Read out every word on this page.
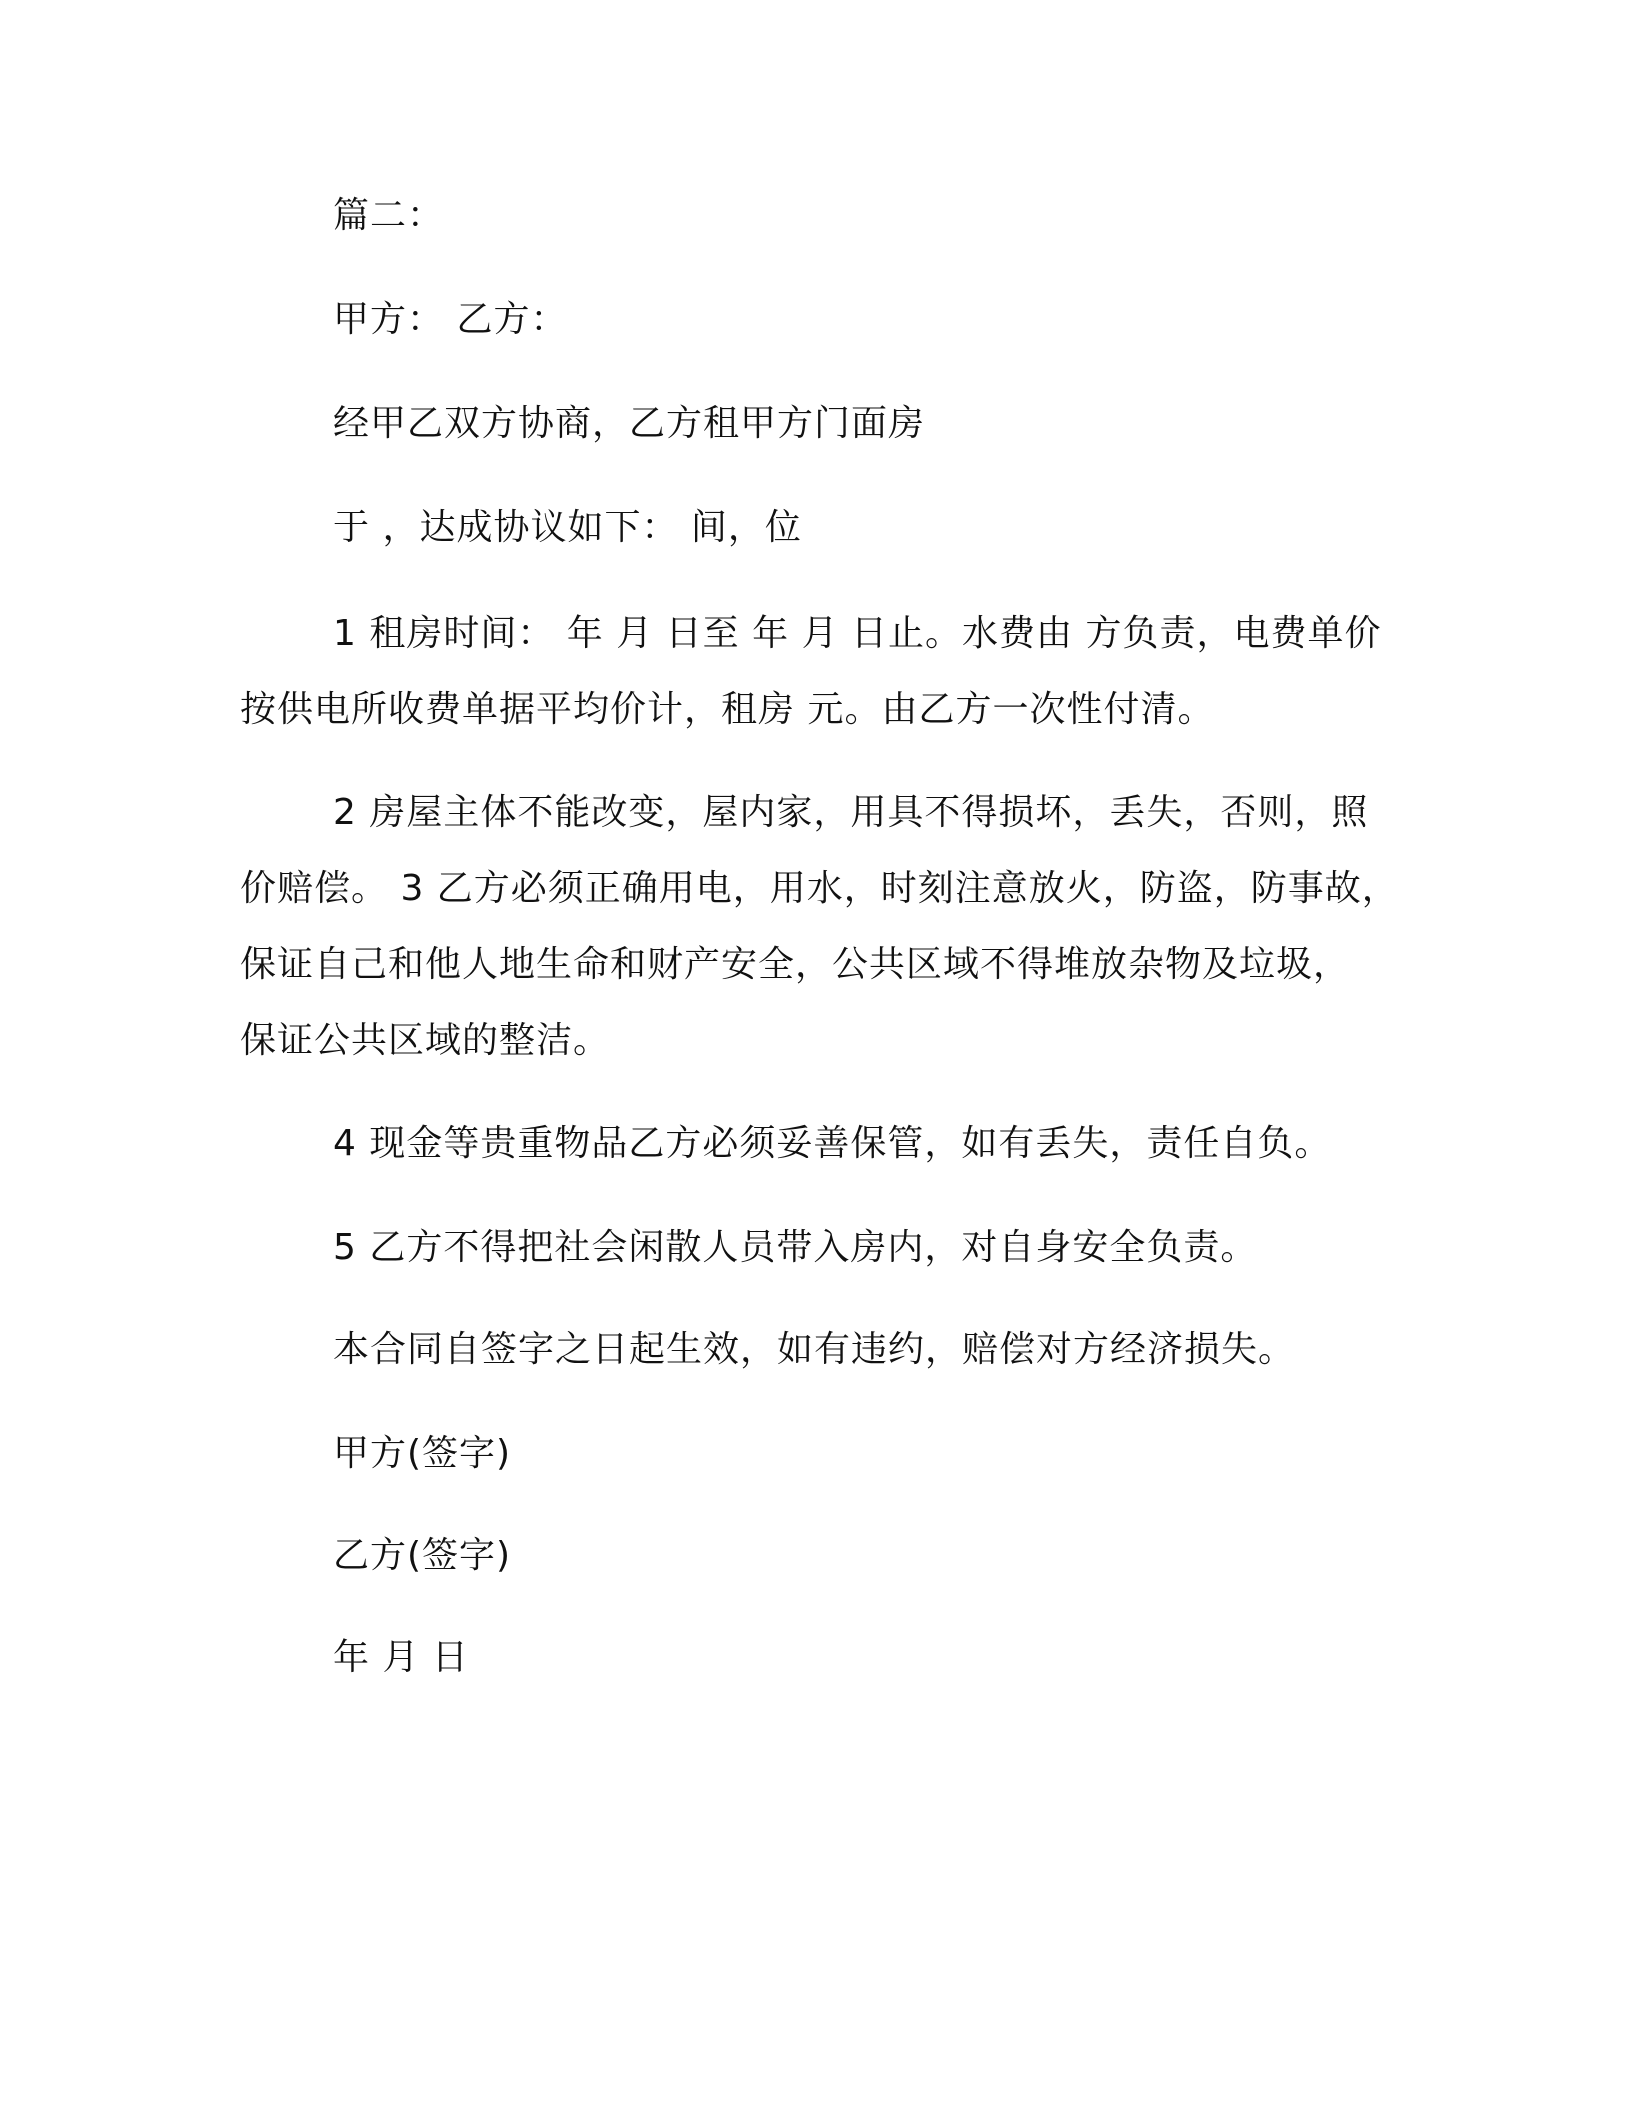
篇二：

甲方： 乙方：

经甲乙双方协商，乙方租甲方门面房

于 ，达成协议如下： 间，位

1 租房时间： 年 月 日至 年 月 日止。水费由 方负责，电费单价
按供电所收费单据平均价计，租房 元。由乙方一次性付清。
2 房屋主体不能改变，屋内家，用具不得损坏，丢失，否则，照
价赔偿。 3 乙方必须正确用电，用水，时刻注意放火，防盗，防事故，
保证自己和他人地生命和财产安全，公共区域不得堆放杂物及垃圾，
保证公共区域的整洁。

4 现金等贵重物品乙方必须妥善保管，如有丢失，责任自负。

5 乙方不得把社会闲散人员带入房内，对自身安全负责。

本合同自签字之日起生效，如有违约，赔偿对方经济损失。

甲方(签字)

乙方(签字)

年 月 日
